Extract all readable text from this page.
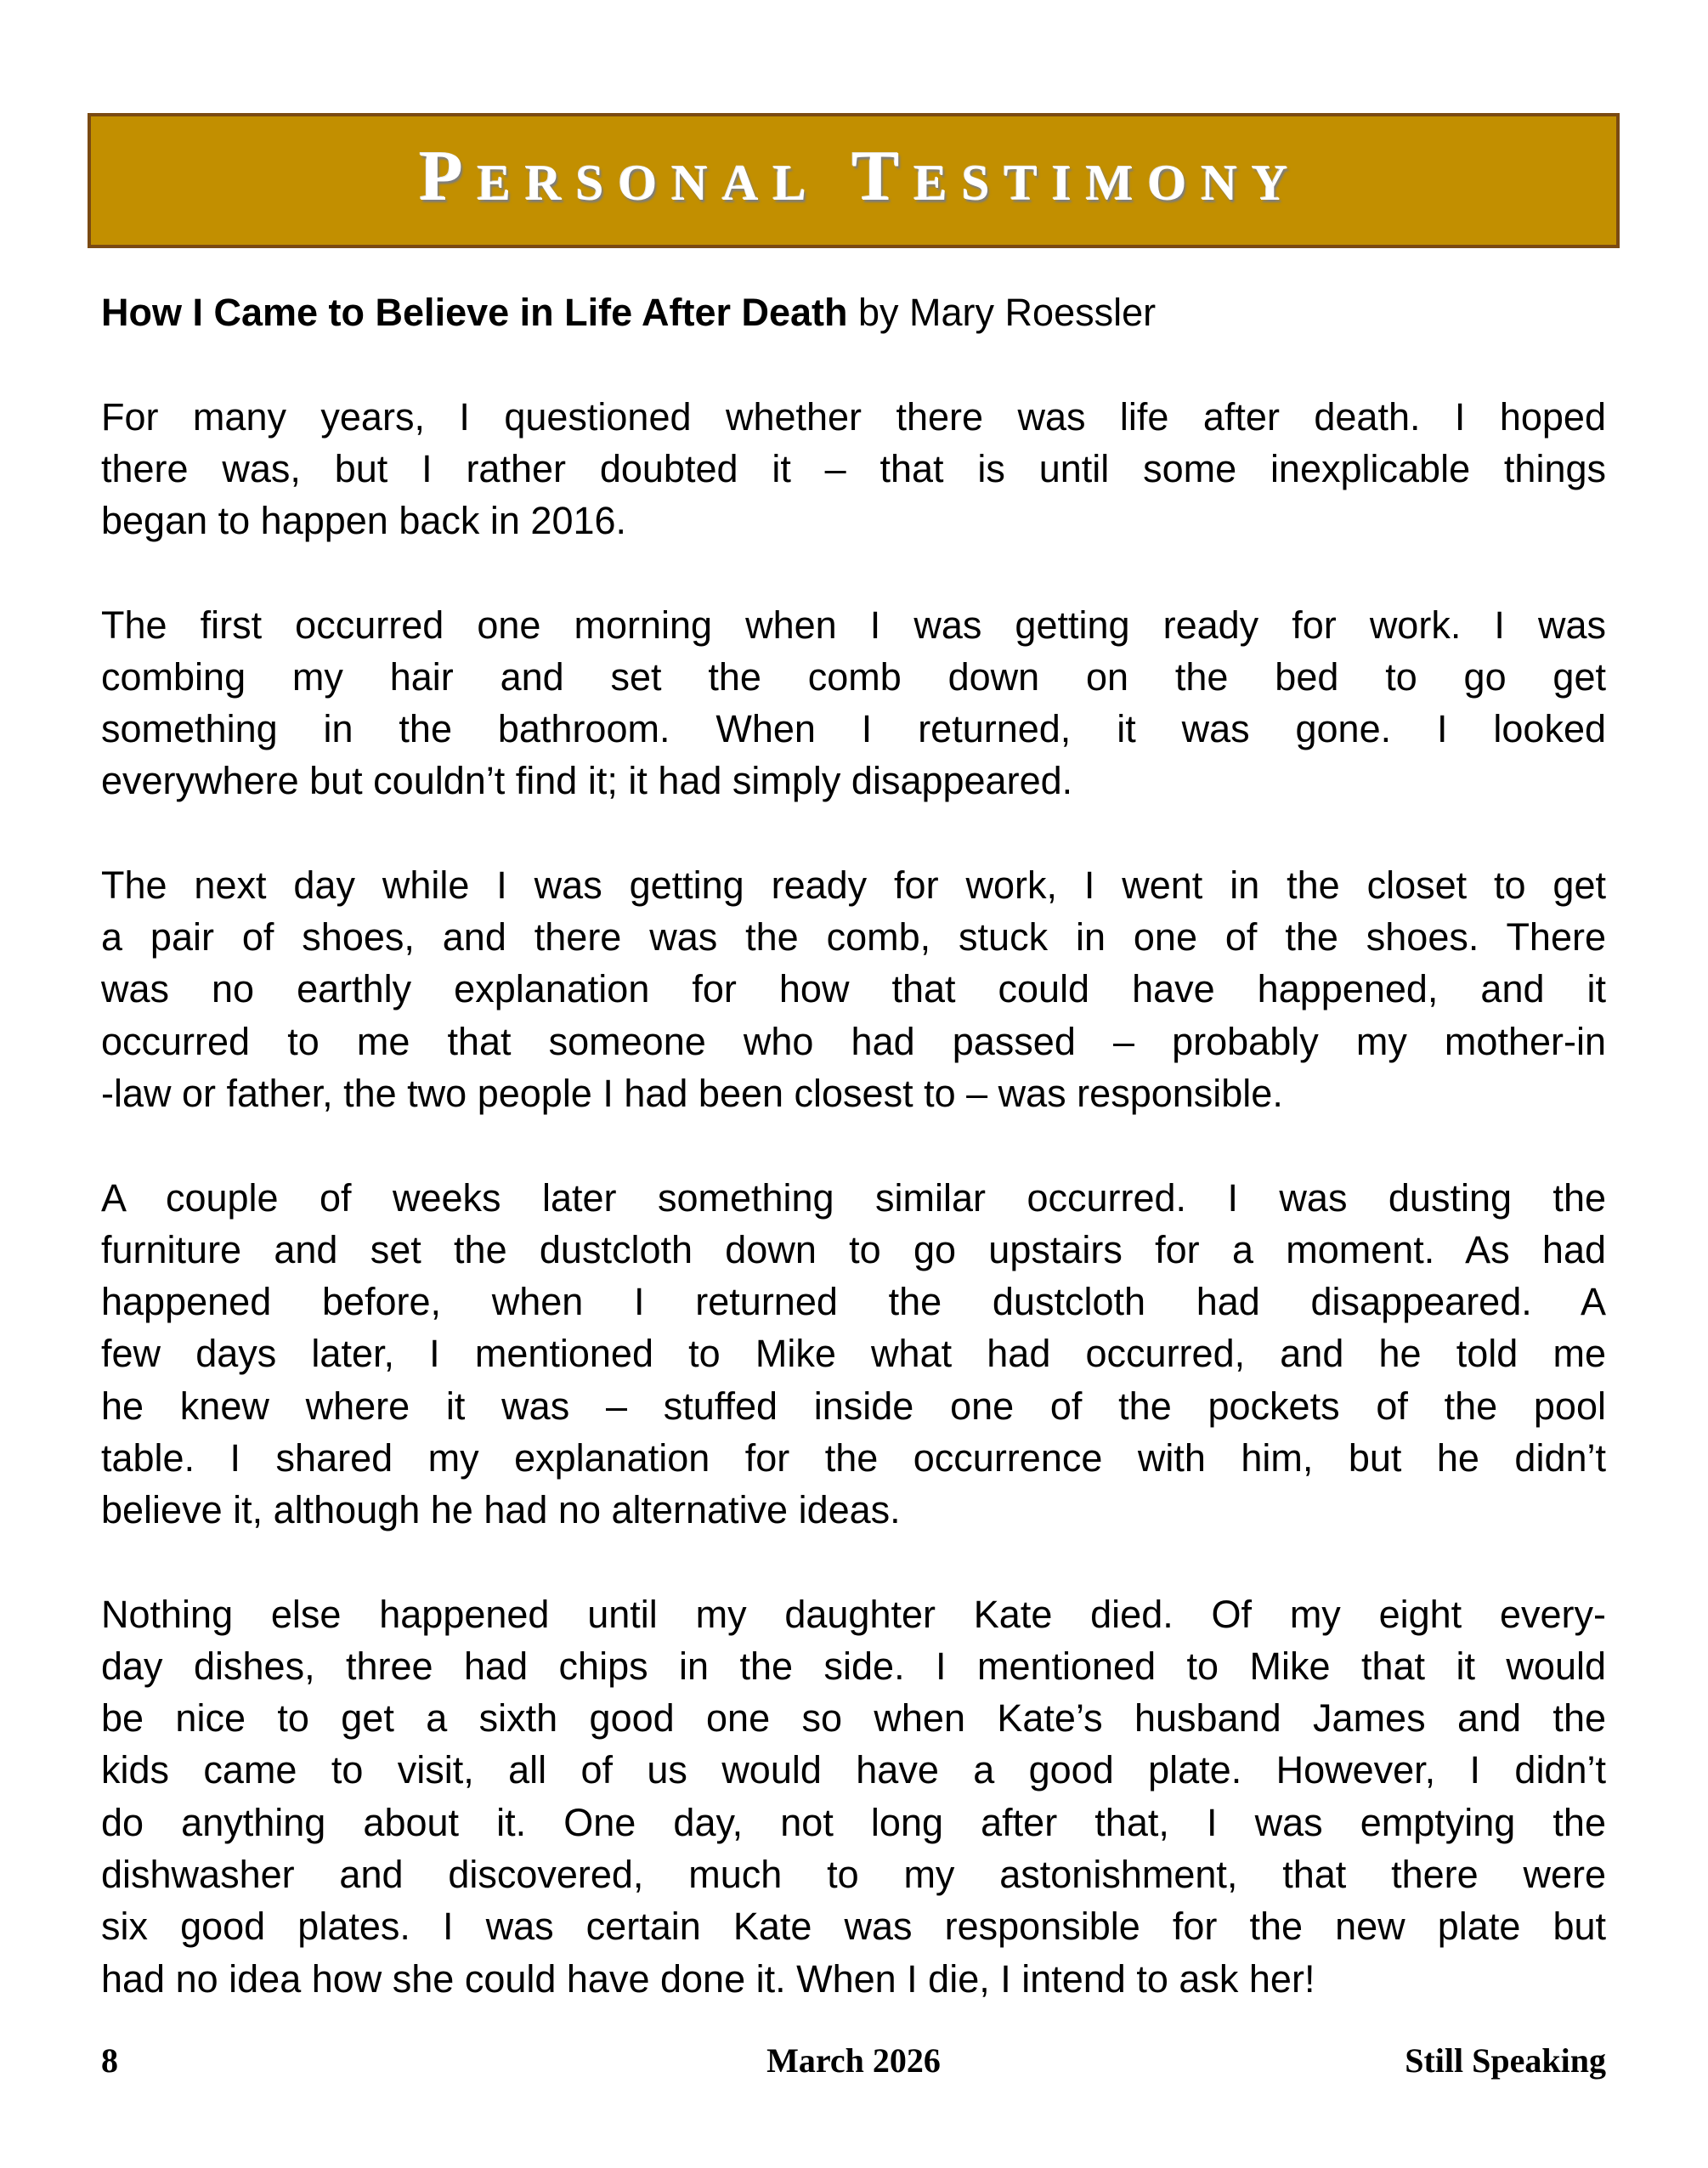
Personal Testimony
How I Came to Believe in Life After Death by Mary Roessler
For many years, I questioned whether there was life after death. I hoped
there was, but I rather doubted it – that is until some inexplicable things
began to happen back in 2016.
The first occurred one morning when I was getting ready for work. I was
combing my hair and set the comb down on the bed to go get
something in the bathroom. When I returned, it was gone. I looked
everywhere but couldn’t find it; it had simply disappeared.
The next day while I was getting ready for work, I went in the closet to get
a pair of shoes, and there was the comb, stuck in one of the shoes. There
was no earthly explanation for how that could have happened, and it
occurred to me that someone who had passed – probably my mother-in
-law or father, the two people I had been closest to – was responsible.
A couple of weeks later something similar occurred. I was dusting the
furniture and set the dustcloth down to go upstairs for a moment. As had
happened before, when I returned the dustcloth had disappeared. A
few days later, I mentioned to Mike what had occurred, and he told me
he knew where it was – stuffed inside one of the pockets of the pool
table. I shared my explanation for the occurrence with him, but he didn’t
believe it, although he had no alternative ideas.
Nothing else happened until my daughter Kate died. Of my eight every-
day dishes, three had chips in the side. I mentioned to Mike that it would
be nice to get a sixth good one so when Kate’s husband James and the
kids came to visit, all of us would have a good plate. However, I didn’t
do anything about it. One day, not long after that, I was emptying the
dishwasher and discovered, much to my astonishment, that there were
six good plates. I was certain Kate was responsible for the new plate but
had no idea how she could have done it. When I die, I intend to ask her!
8	March 2026	Still Speaking
